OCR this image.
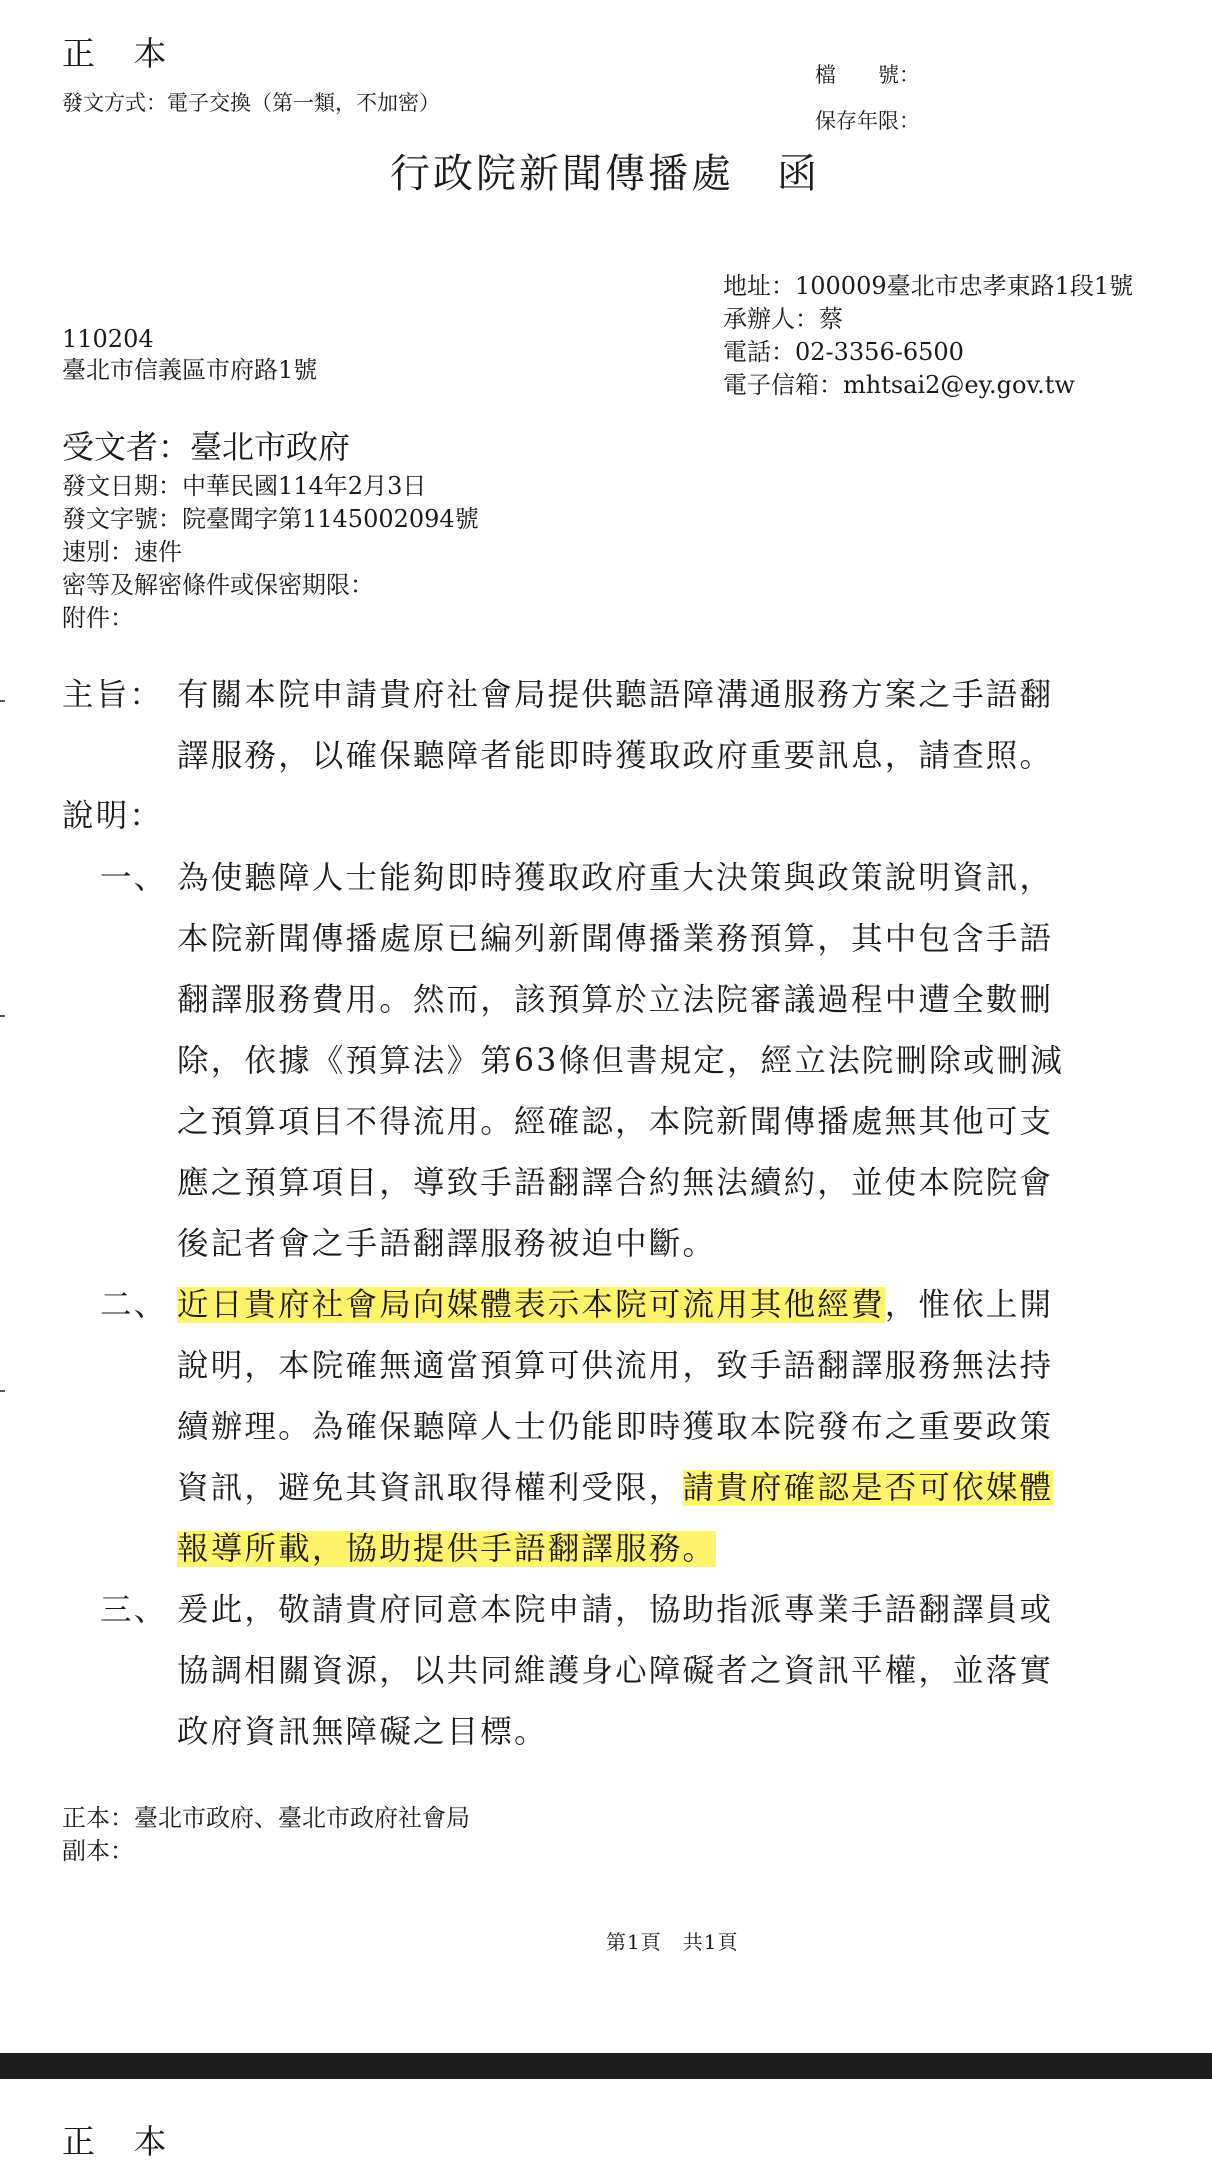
正 本
發文方式：電子交換（第一類，不加密）
檔　　號：
保存年限：
行政院新聞傳播處　函
地址：100009臺北市忠孝東路1段1號
承辦人：蔡
電話：02-3356-6500
電子信箱：mhtsai2@ey.gov.tw
110204
臺北市信義區市府路1號
受文者：臺北市政府
發文日期：中華民國114年2月3日
發文字號：院臺聞字第1145002094號
速別：速件
密等及解密條件或保密期限：
附件：
主旨： 有關本院申請貴府社會局提供聽語障溝通服務方案之手語翻
譯服務，以確保聽障者能即時獲取政府重要訊息，請查照。
說明：
一、 為使聽障人士能夠即時獲取政府重大決策與政策說明資訊，
本院新聞傳播處原已編列新聞傳播業務預算，其中包含手語
翻譯服務費用。然而，該預算於立法院審議過程中遭全數刪
除，依據《預算法》第63條但書規定，經立法院刪除或刪減
之預算項目不得流用。經確認，本院新聞傳播處無其他可支
應之預算項目，導致手語翻譯合約無法續約，並使本院院會
後記者會之手語翻譯服務被迫中斷。
二、 近日貴府社會局向媒體表示本院可流用其他經費，惟依上開
說明，本院確無適當預算可供流用，致手語翻譯服務無法持
續辦理。為確保聽障人士仍能即時獲取本院發布之重要政策
資訊，避免其資訊取得權利受限，請貴府確認是否可依媒體
報導所載，協助提供手語翻譯服務。
三、 爰此，敬請貴府同意本院申請，協助指派專業手語翻譯員或
協調相關資源，以共同維護身心障礙者之資訊平權，並落實
政府資訊無障礙之目標。
正本：臺北市政府、臺北市政府社會局
副本：
第1頁　共1頁
正 本
